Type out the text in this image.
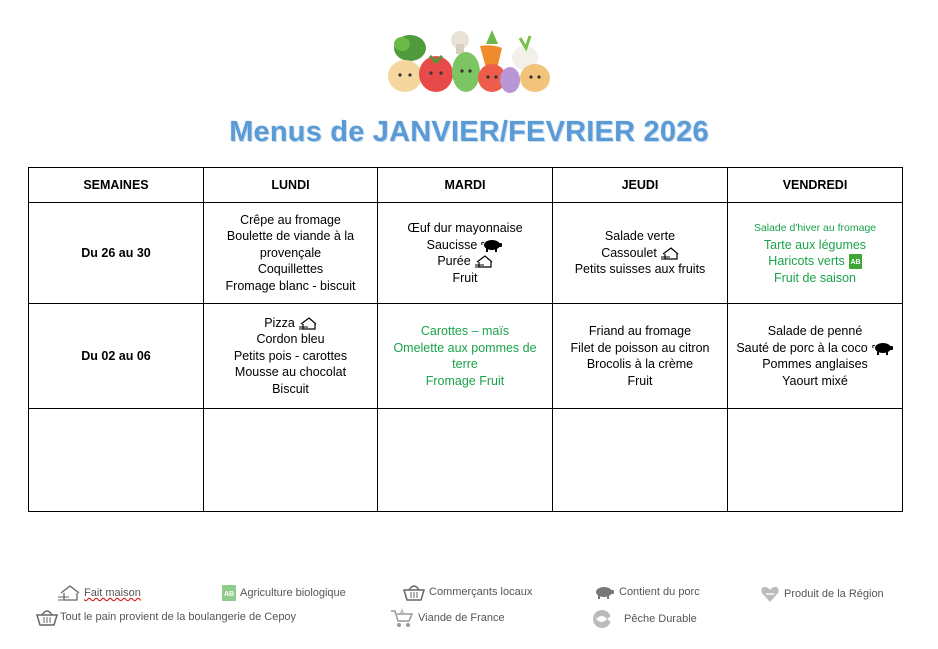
Menus de JANVIER/FEVRIER 2026
SEMAINES	LUNDI	MARDI	JEUDI	VENDREDI
Du 26 au 30	Crêpe au fromage
Boulette de viande à la provençale
Coquillettes
Fromage blanc - biscuit	Œuf dur mayonnaise
Saucisse
Purée
Fruit	Salade verte
Cassoulet
Petits suisses aux fruits	Salade d'hiver au fromage
Tarte aux légumes
Haricots verts AB
Fruit de saison

Du 02 au 06	Pizza
Cordon bleu
Petits pois - carottes
Mousse au chocolat
Biscuit	Carottes – maïs
Omelette aux pommes de terre
Fromage Fruit	Friand au fromage
Filet de poisson au citron
Brocolis à la crème
Fruit	Salade de penné
Sauté de porc à la coco
Pommes anglaises
Yaourt mixé

Fait maison	AB Agriculture biologique	Commerçants locaux	Contient du porc	Produit de la Région
Tout le pain provient de la boulangerie de Cepoy	Viande de France	Pêche Durable
